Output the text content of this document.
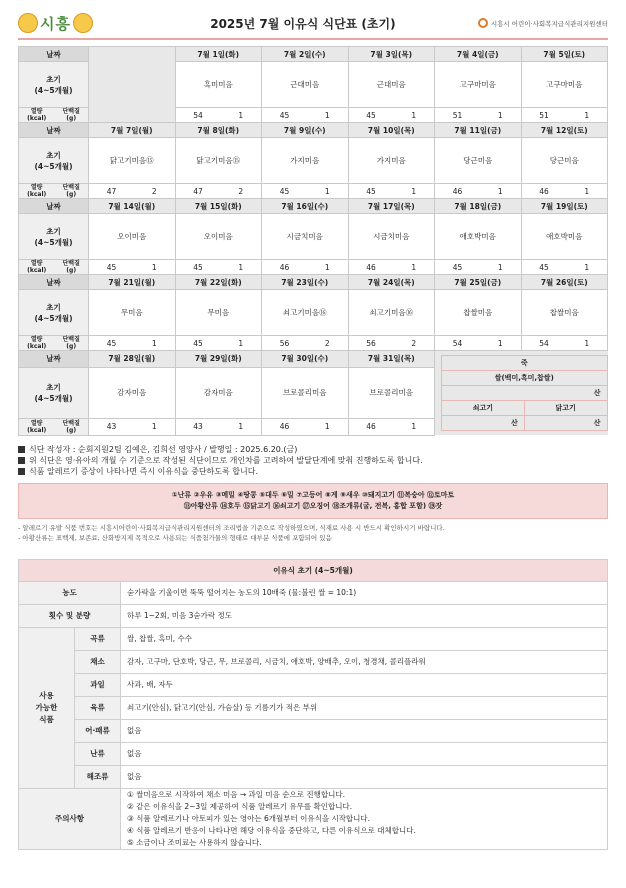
시흥	2025년 7월 이유식 식단표 (초기)	시흥시 어린이·사회복지급식관리지원센터
날짜		7월 1일(화)	7월 2일(수)	7월 3일(목)	7월 4일(금)	7월 5일(토)
초기
(4~5개월)	흑미미음	근대미음	근대미음	고구마미음	고구마미음

열량
(kcal)
단백질
(g)	54	1	45	1	45	1	51	1	51	1

날짜	7월 7일(월)	7월 8일(화)	7월 9일(수)	7월 10일(목)	7월 11일(금)	7월 12일(토)
초기
(4~5개월)	닭고기미음⑮	닭고기미음⑮	가지미음	가지미음	당근미음	당근미음

열량
(kcal)
단백질
(g)	47	2	47	2	45	1	45	1	46	1	46	1

날짜	7월 14일(월)	7월 15일(화)	7월 16일(수)	7월 17일(목)	7월 18일(금)	7월 19일(토)
초기
(4~5개월)	오이미음	오이미음	시금치미음	시금치미음	애호박미음	애호박미음

열량
(kcal)
단백질
(g)	45	1	45	1	46	1	46	1	45	1	45	1

날짜	7월 21일(월)	7월 22일(화)	7월 23일(수)	7월 24일(목)	7월 25일(금)	7월 26일(토)
초기
(4~5개월)	무미음	무미음	쇠고기미음⑯	쇠고기미음⑯	찹쌀미음	찹쌀미음

열량
(kcal)
단백질
(g)	45	1	45	1	56	2	56	2	54	1	54	1

날짜	7월 28일(월)	7월 29일(화)	7월 30일(수)	7월 31일(목)		죽
쌀(백미,흑미,찹쌀)
산
쇠고기	닭고기
산	산

초기
(4~5개월)	감자미음	감자미음	브로콜리미음	브로콜리미음

열량
(kcal)
단백질
(g)	43	1	43	1	46	1	46	1
식단 작성자 : 순회지원2팀 김예은, 김희선 영양사 / 발행일 : 2025.6.20.(금)
위 식단은 영·유아의 개월 수 기준으로 작성된 식단이므로 개인차를 고려하여 발달단계에 맞춰 진행하도록 합니다.
식품 알레르기 증상이 나타나면 즉시 이유식을 중단하도록 합니다.
①난류 ②우유 ③메밀 ④땅콩 ⑤대두 ⑥밀 ⑦고등어 ⑧게 ⑨새우 ⑩돼지고기 ⑪복숭아 ⑫토마토
⑬아황산류 ⑭호두 ⑮닭고기 ⑯쇠고기 ⑰오징어 ⑱조개류(굴, 전복, 홍합 포함) ⑲잣
- 알레르기 유발 식품 번호는 시흥시어린이·사회복지급식관리지원센터의 조리법을 기준으로 작성하였으며, 식재료 사용 시 반드시 확인하시기 바랍니다.
- 아황산류는 표백제, 보존료, 산화방지제 목적으로 사용되는 식품첨가물의 형태로 대부분 식품에 포함되어 있음
이유식 초기 (4~5개월)		
농도		숟가락을 기울이면 뚝뚝 떨어지는 농도의 10배죽 (물:불린 쌀 = 10:1)
횟수 및 분량		하루 1~2회, 미음 3숟가락 정도
사용
가능한
식품	곡류	쌀, 찹쌀, 흑미, 수수
	채소	감자, 고구마, 단호박, 당근, 무, 브로콜리, 시금치, 애호박, 양배추, 오이, 청경채, 콜리플라워
	과일	사과, 배, 자두
	육류	쇠고기(안심), 닭고기(안심, 가슴살) 등 기름기가 적은 부위
	어·패류	없음
	난류	없음
	해조류	없음
주의사항		① 쌀미음으로 시작하여 채소 미음 → 과일 미음 순으로 진행합니다.
② 같은 이유식을 2~3일 제공하여 식품 알레르기 유무를 확인합니다.
③ 식품 알레르기나 아토피가 있는 영아는 6개월부터 이유식을 시작합니다.
④ 식품 알레르기 반응이 나타나면 해당 이유식을 중단하고, 다른 이유식으로 대체합니다.
⑤ 소금이나 조미료는 사용하지 않습니다.
